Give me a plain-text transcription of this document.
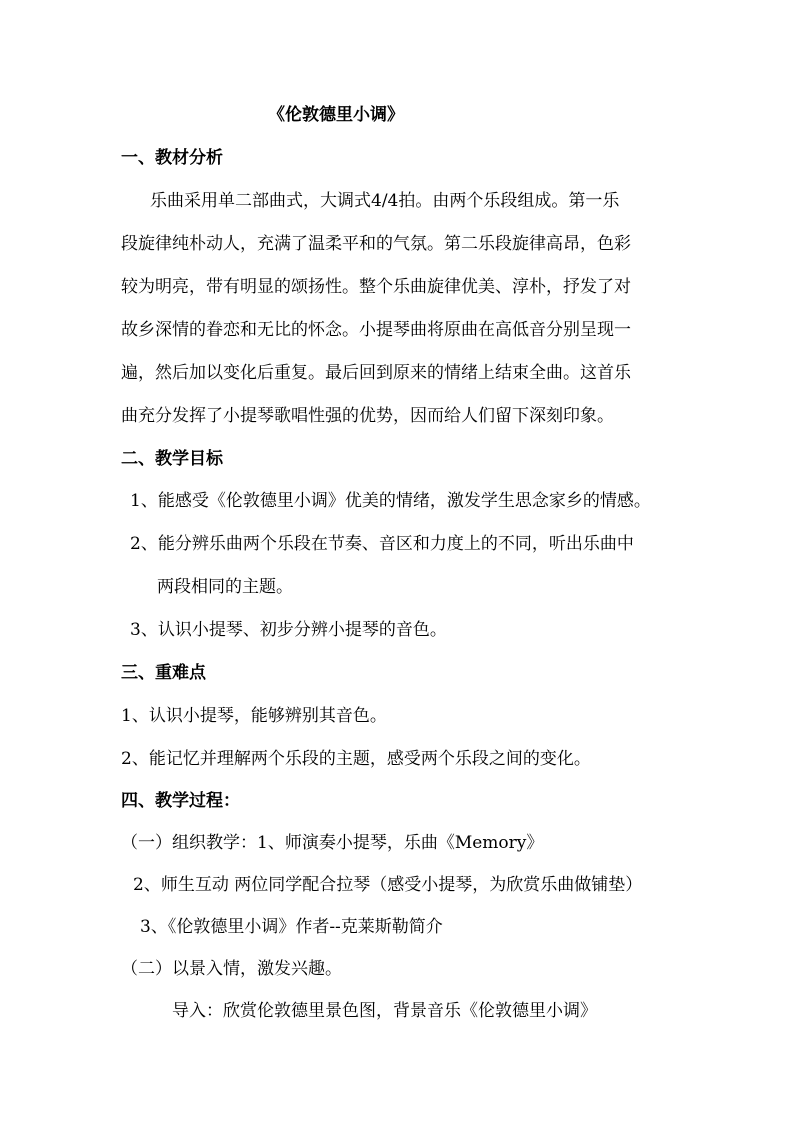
《伦敦德里小调》
一、教材分析
乐曲采用单二部曲式，大调式4/4拍。由两个乐段组成。第一乐
段旋律纯朴动人，充满了温柔平和的气氛。第二乐段旋律高昂，色彩
较为明亮，带有明显的颂扬性。整个乐曲旋律优美、淳朴，抒发了对
故乡深情的眷恋和无比的怀念。小提琴曲将原曲在高低音分别呈现一
遍，然后加以变化后重复。最后回到原来的情绪上结束全曲。这首乐
曲充分发挥了小提琴歌唱性强的优势，因而给人们留下深刻印象。
二、教学目标
1、能感受《伦敦德里小调》优美的情绪，激发学生思念家乡的情感。
2、能分辨乐曲两个乐段在节奏、音区和力度上的不同，听出乐曲中
两段相同的主题。
3、认识小提琴、初步分辨小提琴的音色。
三、重难点
1、认识小提琴，能够辨别其音色。
2、能记忆并理解两个乐段的主题，感受两个乐段之间的变化。
四、教学过程：
（一）组织教学：1、师演奏小提琴，乐曲《Memory》
2、师生互动 两位同学配合拉琴（感受小提琴，为欣赏乐曲做铺垫）
3、《伦敦德里小调》作者--克莱斯勒简介
（二）以景入情，激发兴趣。
导入：欣赏伦敦德里景色图，背景音乐《伦敦德里小调》
